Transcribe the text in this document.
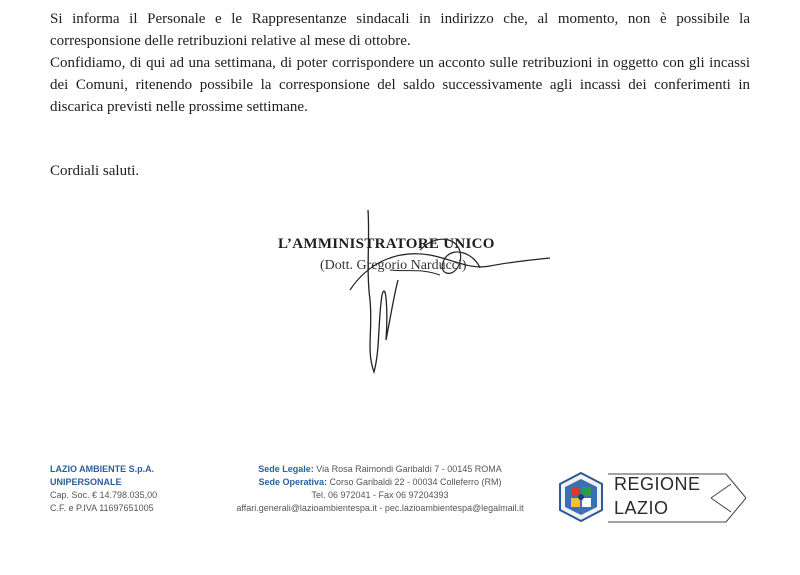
Si informa il Personale e le Rappresentanze sindacali in indirizzo che, al momento, non è possibile la corresponsione delle retribuzioni relative al mese di ottobre.

Confidiamo, di qui ad una settimana, di poter corrispondere un acconto sulle retribuzioni in oggetto con gli incassi dei Comuni, ritenendo possibile la corresponsione del saldo successivamente agli incassi dei conferimenti in discarica previsti nelle prossime settimane.

Cordiali saluti.
L’AMMINISTRATORE UNICO
(Dott. Gregorio Narducci)
LAZIO AMBIENTE S.p.A.
UNIPERSONALE
Cap. Soc. € 14.798.035,00
C.F. e P.IVA 11697651005
Sede Legale: Via Rosa Raimondi Garibaldi 7 - 00145 ROMA
Sede Operativa: Corso Garibaldi 22 - 00034 Colleferro (RM)
Tel. 06 972041 - Fax 06 97204393
affari.generali@lazioambientespa.it - pec.lazioambientespa@legalmail.it
REGIONE
LAZIO
